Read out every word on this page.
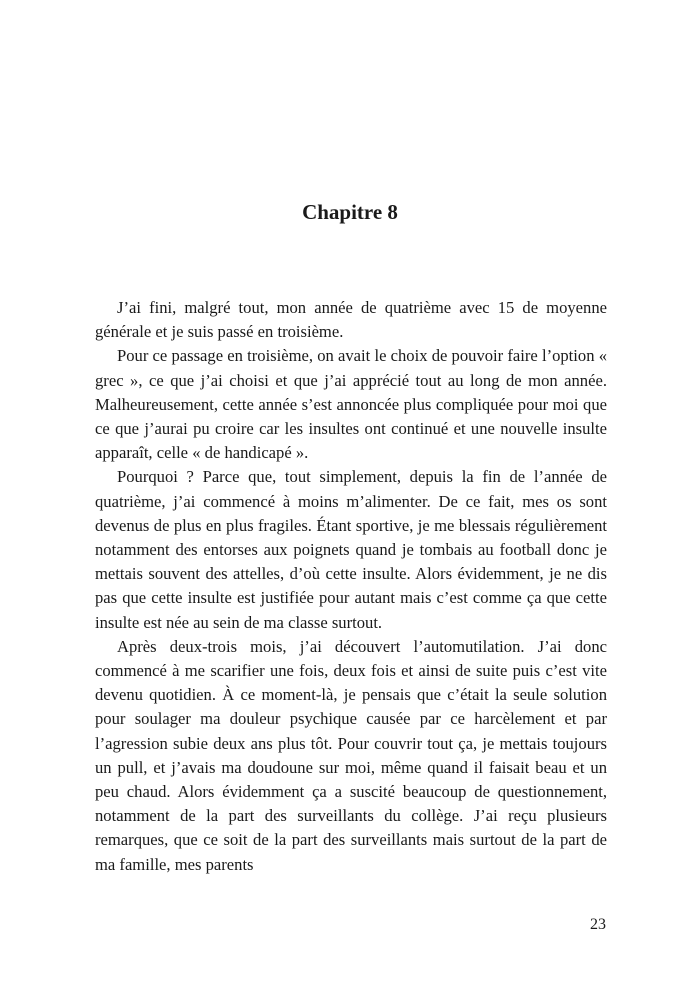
Chapitre 8

J’ai fini, malgré tout, mon année de quatrième avec 15 de moyenne générale et je suis passé en troisième.

Pour ce passage en troisième, on avait le choix de pouvoir faire l’option « grec », ce que j’ai choisi et que j’ai apprécié tout au long de mon année. Malheureusement, cette année s’est annoncée plus compliquée pour moi que ce que j’aurai pu croire car les insultes ont continué et une nouvelle insulte apparaît, celle « de handicapé ».

Pourquoi ? Parce que, tout simplement, depuis la fin de l’année de quatrième, j’ai commencé à moins m’alimenter. De ce fait, mes os sont devenus de plus en plus fragiles. Étant sportive, je me blessais régulièrement notamment des entorses aux poignets quand je tombais au football donc je mettais souvent des attelles, d’où cette insulte. Alors évidemment, je ne dis pas que cette insulte est justifiée pour autant mais c’est comme ça que cette insulte est née au sein de ma classe surtout.

Après deux-trois mois, j’ai découvert l’automutilation. J’ai donc commencé à me scarifier une fois, deux fois et ainsi de suite puis c’est vite devenu quotidien. À ce moment-là, je pensais que c’était la seule solution pour soulager ma douleur psychique causée par ce harcèlement et par l’agression subie deux ans plus tôt. Pour couvrir tout ça, je mettais toujours un pull, et j’avais ma doudoune sur moi, même quand il faisait beau et un peu chaud. Alors évidemment ça a suscité beaucoup de questionnement, notamment de la part des surveillants du collège. J’ai reçu plusieurs remarques, que ce soit de la part des surveillants mais surtout de la part de ma famille, mes parents

23
